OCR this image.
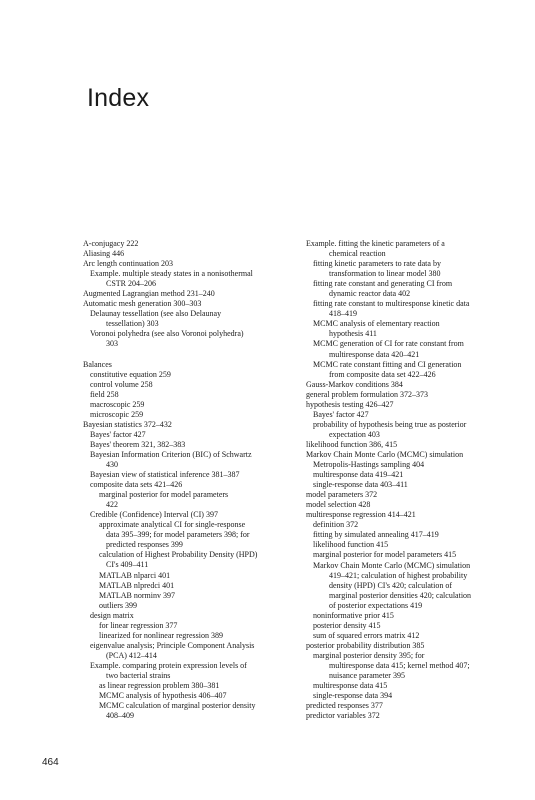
Index
A-conjugacy 222
Aliasing 446
Arc length continuation 203
Example. multiple steady states in a nonisothermal
CSTR 204–206
Augmented Lagrangian method 231–240
Automatic mesh generation 300–303
Delaunay tessellation (see also Delaunay
tessellation) 303
Voronoi polyhedra (see also Voronoi polyhedra)
303
Balances
constitutive equation 259
control volume 258
field 258
macroscopic 259
microscopic 259
Bayesian statistics 372–432
Bayes' factor 427
Bayes' theorem 321, 382–383
Bayesian Information Criterion (BIC) of Schwartz
430
Bayesian view of statistical inference 381–387
composite data sets 421–426
marginal posterior for model parameters
422
Credible (Confidence) Interval (CI) 397
approximate analytical CI for single-response
data 395–399; for model parameters 398; for
predicted responses 399
calculation of Highest Probability Density (HPD)
CI's 409–411
MATLAB nlparci 401
MATLAB nlpredci 401
MATLAB norminv 397
outliers 399
design matrix
for linear regression 377
linearized for nonlinear regression 389
eigenvalue analysis; Principle Component Analysis
(PCA) 412–414
Example. comparing protein expression levels of
two bacterial strains
as linear regression problem 380–381
MCMC analysis of hypothesis 406–407
MCMC calculation of marginal posterior density
408–409
Example. fitting the kinetic parameters of a
chemical reaction
fitting kinetic parameters to rate data by
transformation to linear model 380
fitting rate constant and generating CI from
dynamic reactor data 402
fitting rate constant to multiresponse kinetic data
418–419
MCMC analysis of elementary reaction
hypothesis 411
MCMC generation of CI for rate constant from
multiresponse data 420–421
MCMC rate constant fitting and CI generation
from composite data set 422–426
Gauss-Markov conditions 384
general problem formulation 372–373
hypothesis testing 426–427
Bayes' factor 427
probability of hypothesis being true as posterior
expectation 403
likelihood function 386, 415
Markov Chain Monte Carlo (MCMC) simulation
Metropolis-Hastings sampling 404
multiresponse data 419–421
single-response data 403–411
model parameters 372
model selection 428
multiresponse regression 414–421
definition 372
fitting by simulated annealing 417–419
likelihood function 415
marginal posterior for model parameters 415
Markov Chain Monte Carlo (MCMC) simulation
419–421; calculation of highest probability
density (HPD) CI's 420; calculation of
marginal posterior densities 420; calculation
of posterior expectations 419
noninformative prior 415
posterior density 415
sum of squared errors matrix 412
posterior probability distribution 385
marginal posterior density 395; for
multiresponse data 415; kernel method 407;
nuisance parameter 395
multiresponse data 415
single-response data 394
predicted responses 377
predictor variables 372
464
